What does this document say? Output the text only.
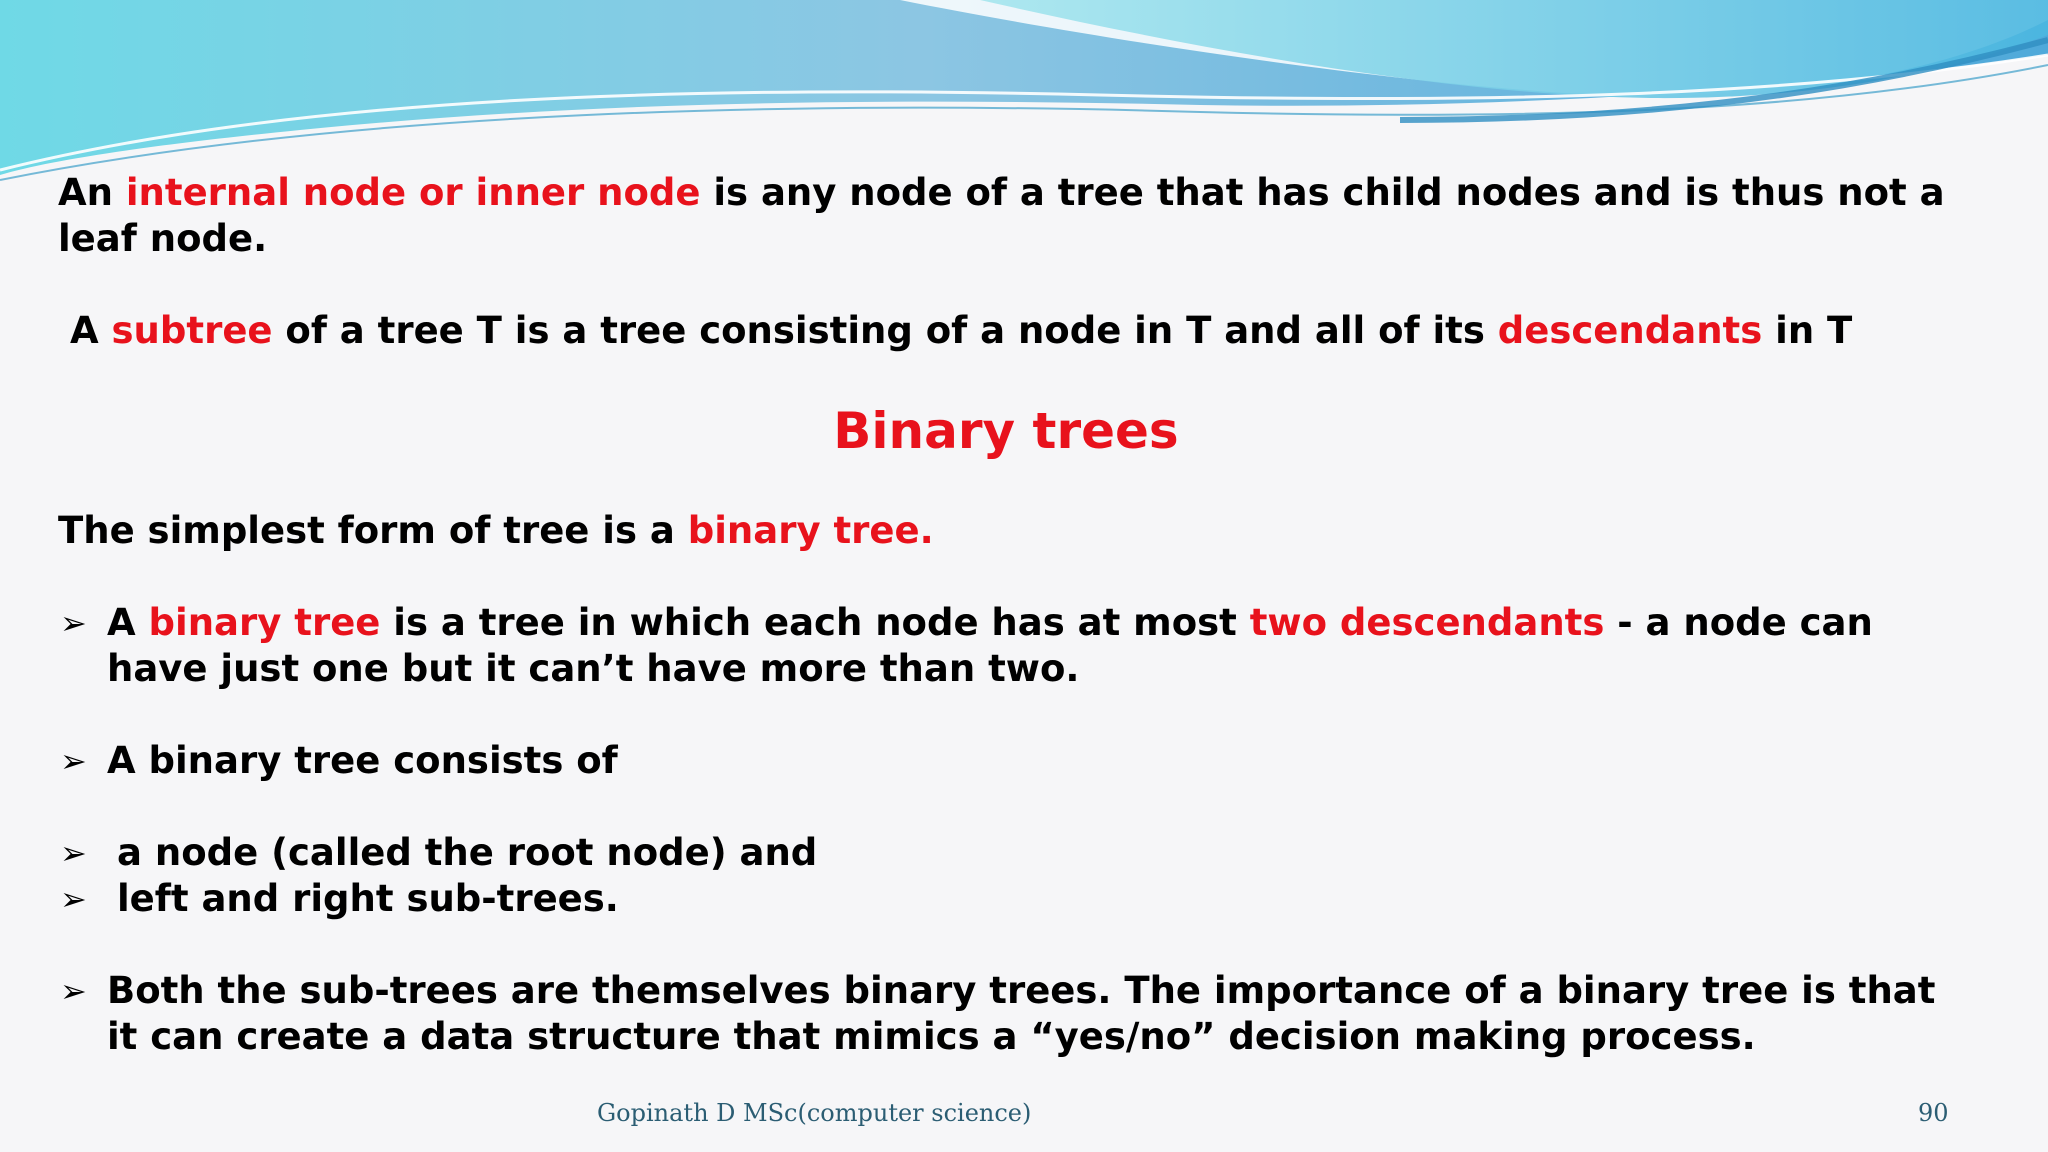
An internal node or inner node is any node of a tree that has child nodes and is thus not a leaf node.
A subtree of a tree T is a tree consisting of a node in T and all of its descendants in T
Binary trees
The simplest form of tree is a binary tree.
➢ A binary tree is a tree in which each node has at most two descendants - a node can have just one but it can’t have more than two.
➢ A binary tree consists of
➢ a node (called the root node) and
➢ left and right sub-trees.
➢ Both the sub-trees are themselves binary trees. The importance of a binary tree is that it can create a data structure that mimics a “yes/no” decision making process.
Gopinath D MSc(computer science)	90
